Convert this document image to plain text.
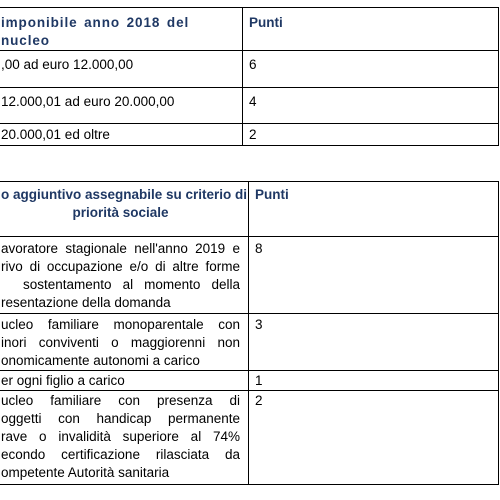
imponibile anno 2018 del nucleo	Punti

,00 ad euro 12.000,00	6

12.000,01 ad euro 20.000,00	4

20.000,01 ed oltre	2
o aggiuntivo assegnabile su criterio di
priorità sociale	Punti

avoratore stagionale nell'anno 2019 e
rivo di occupazione e/o di altre forme
sostentamento al momento della
resentazione della domanda	8

ucleo familiare monoparentale con
inori conviventi o maggiorenni non
onomicamente autonomi a carico	3

er ogni figlio a carico	1

ucleo familiare con presenza di
oggetti con handicap permanente
rave o invalidità superiore al 74%
econdo certificazione rilasciata da
ompetente Autorità sanitaria	2
